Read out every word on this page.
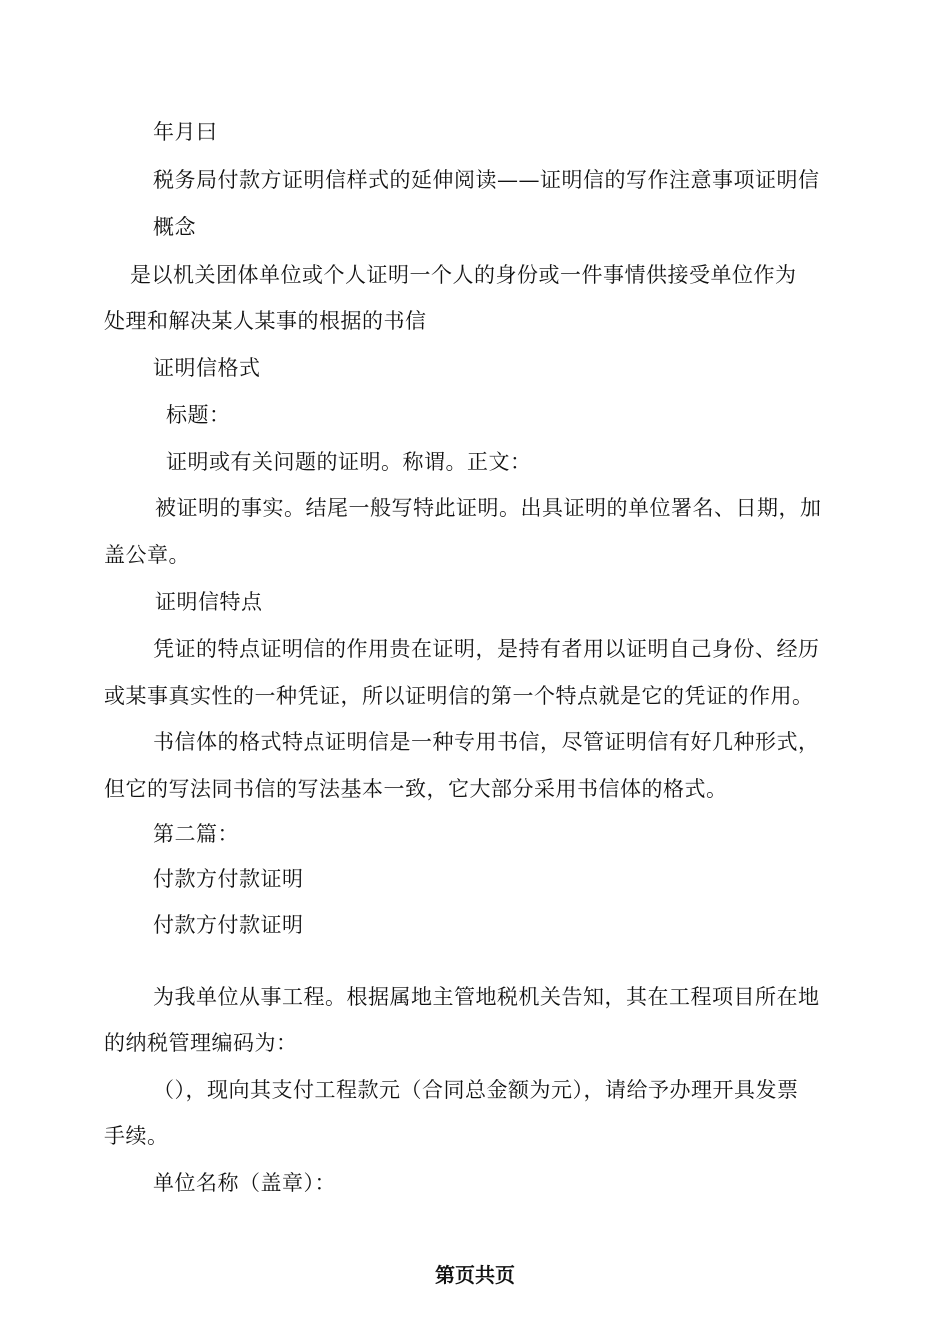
年月曰
税务局付款方证明信样式的延伸阅读——证明信的写作注意事项证明信
概念
是以机关团体单位或个人证明一个人的身份或一件事情供接受单位作为
处理和解决某人某事的根据的书信
证明信格式
标题：
证明或有关问题的证明。称谓。正文：
被证明的事实。结尾一般写特此证明。出具证明的单位署名、日期，加
盖公章。
证明信特点
凭证的特点证明信的作用贵在证明，是持有者用以证明自己身份、经历
或某事真实性的一种凭证，所以证明信的第一个特点就是它的凭证的作用。
书信体的格式特点证明信是一种专用书信，尽管证明信有好几种形式，
但它的写法同书信的写法基本一致，它大部分采用书信体的格式。
第二篇：
付款方付款证明
付款方付款证明
为我单位从事工程。根据属地主管地税机关告知，其在工程项目所在地
的纳税管理编码为：
（），现向其支付工程款元（合同总金额为元），请给予办理开具发票
手续。
单位名称（盖章）：
第页共页
